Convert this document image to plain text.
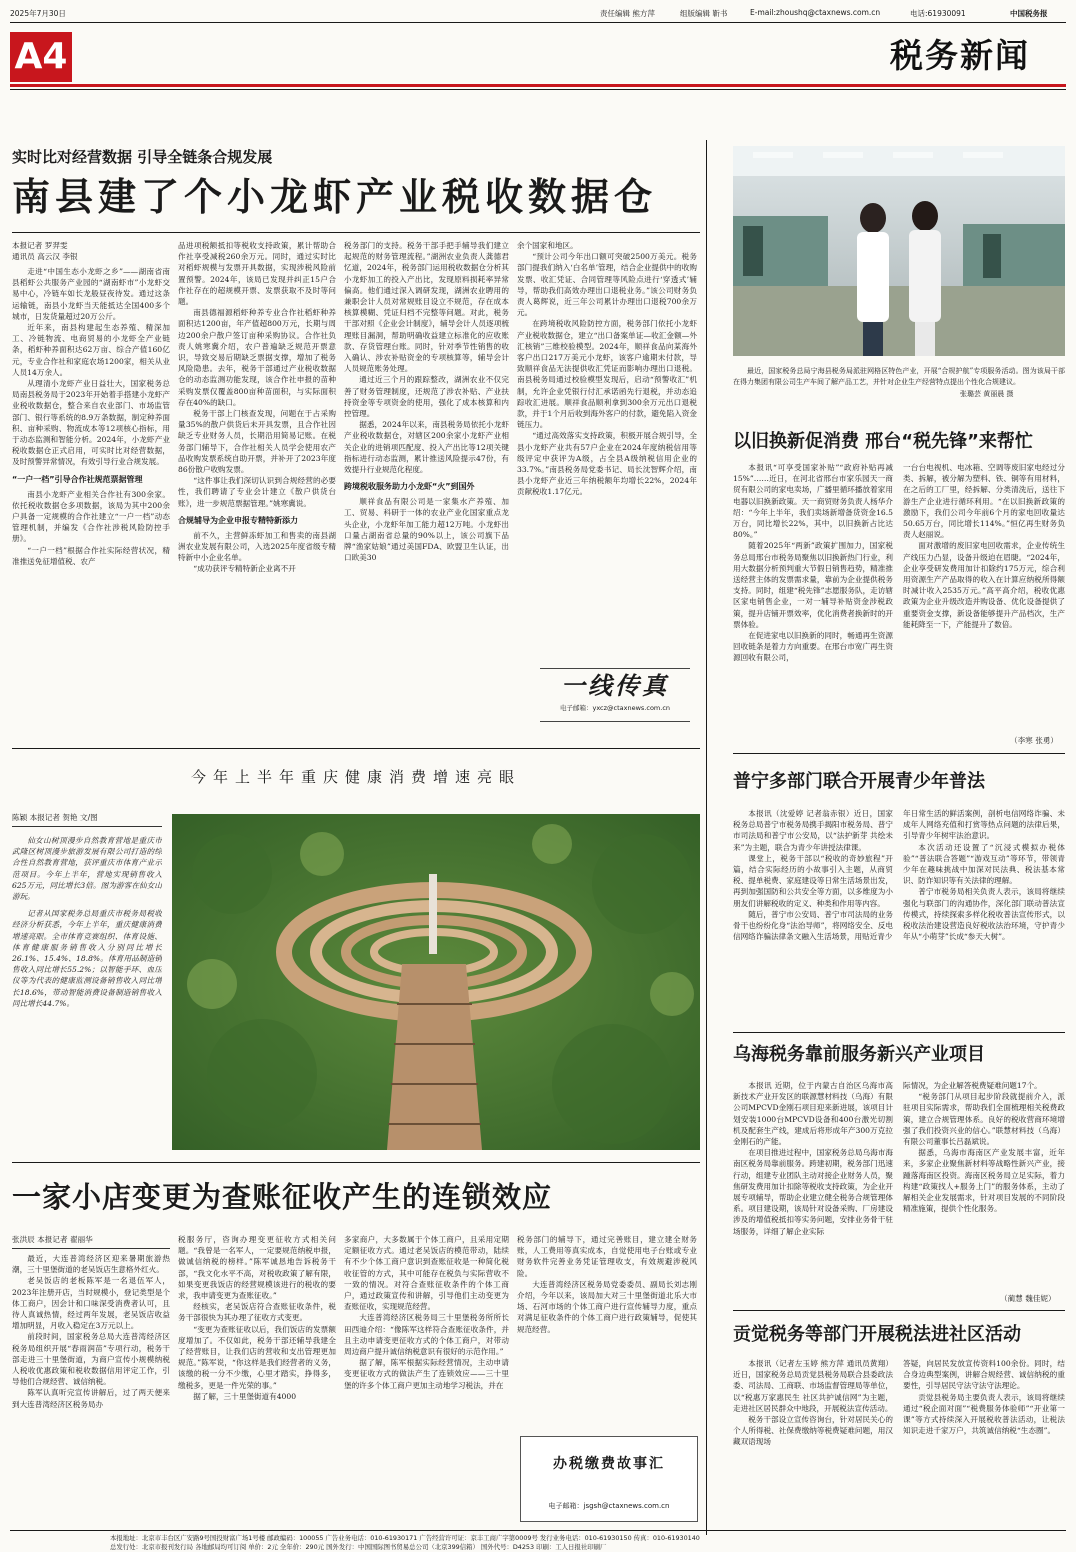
2025年7月30日	责任编辑 熊方萍	组版编辑 靳书	E-mail:zhoushq@ctaxnews.com.cn	电话:61930091	中国税务报
A4	税务新闻
实时比对经营数据 引导全链条合规发展
南县建了个小龙虾产业税收数据仓
本报记者 罗羿雯
通讯员 高云汉 李银

走进“中国生态小龙虾之乡”——湖南省南县稻虾公共服务产业园的“湖南虾市”小龙虾交易中心，冷链车如长龙般昼夜待发。通过这条运输链，南县小龙虾当天能抵达全国400多个城市，日发货量超过20万公斤。

近年来，南县构建起生态养殖、精深加工、冷链物流、电商贸易的小龙虾全产业链条，稻虾种养面积达62万亩、综合产值160亿元，专业合作社和家庭农场1200家，相关从业人员14万余人。

从理清小龙虾产业日益壮大，国家税务总局南县税务局于2023年开始着手搭建小龙虾产业税收数据仓，整合来自农业部门、市场监管部门、银行等系统的8.9万条数据，制定种养面积、亩种采购、物流成本等12项核心指标，用于动态监测和智能分析。2024年，小龙虾产业税收数据仓正式启用，可实时比对经营数据，及时预警异常情况，有效引导行业合规发展。

“一户一档”引导合作社规范票据管理

南县小龙虾产业相关合作社有300余家。依托税收数据仓多项数据，该局为其中200余户具备一定规模的合作社建立“一户一档”动态管理机制，并编发《合作社涉税风险防控手册》。

“一户一档”根据合作社实际经营状况，精准推送免征增值税、农产

品进项税额抵扣等税收支持政策，累计帮助合作社享受减税260余万元。同时，通过实时比对稻虾规模与发票开具数据，实现涉税风险前置预警。2024年，该局已发现并纠正15户合作社存在的超规模开票、发票获取不及时等问题。

南县德福源稻虾种养专业合作社稻虾种养面积达1200亩，年产值超800万元，长期与周边200余户散户签订亩种采购协议。合作社负责人姚寒冀介绍，农户普遍缺乏规范开票意识，导致交易后期缺乏票据支撑，增加了税务风险隐患。去年，税务干部通过产业税收数据仓的动态监测功能发现，该合作社申报的苗种采购发票仅覆盖800亩种苗面积，与实际面积存在40%的缺口。

税务干部上门核查发现，问题在于占采购量35%的散户供货后未开具发票，且合作社因缺乏专业财务人员，长期沿用简易记账。在税务部门辅导下，合作社相关人员学会使用农产品收购发票系统自助开票，并补开了2023年度86份散户收购发票。

“这件事让我们深切认识到合规经营的必要性，我们聘请了专业会计建立《散户供货台账》，进一步规范票据管理。”姚寒冀说。

合规辅导为企业申报专精特新添力

前不久，主营鲜冻虾加工和售卖的南县湖洲农业发展有限公司，入选2025年度省级专精特新中小企业名单。

“成功获评专精特新企业离不开

税务部门的支持。税务干部手把手辅导我们建立起规范的财务管理流程。”湖洲农业负责人龚德君忆道，2024年，税务部门运用税收数据仓分析其小龙虾加工的投入产出比，发现原料损耗率异常偏高。他们通过深入调研发现，湖洲农业聘用的兼职会计人员对常规账目设立不规范，存在成本核算模糊、凭证归档不完整等问题。对此，税务干部对照《企业会计制度》，辅导会计人员逐项梳理账目漏洞，帮助明确收益建立标准化的应收账款、存货管理台账。同时，针对季节性销售的收入确认、涉农补贴资金的专项核算等，辅导会计人员规范账务处理。

通过近三个月的跟踪整改，湖洲农业不仅完善了财务管理制度，还规范了涉农补贴、产业扶持资金等专项资金的使用，强化了成本核算和内控管理。

据悉，2024年以来，南县税务局依托小龙虾产业税收数据仓，对辖区200余家小龙虾产业相关企业的进销项匹配度、投入产出比等12项关键指标进行动态监测，累计推送风险提示47份，有效提升行业规范化程度。

跨境税收服务助力小龙虾“火”到国外

顺祥食品有限公司是一家集水产养殖、加工、贸易、科研于一体的农业产业化国家重点龙头企业，小龙虾年加工能力超12万吨。小龙虾出口量占湖南省总量的90%以上，该公司旗下品牌“渔家姑娘”通过美国FDA、欧盟卫生认证，出口欧美30

余个国家和地区。

“预计公司今年出口额可突破2500万美元。税务部门提我们纳入‘白名单’管理，结合企业提供中的收购发票、收汇凭证、合同管理等风险点进行‘穿透式’辅导，帮助我们高效办理出口退税业务。”该公司财务负责人葛辉说，近三年公司累计办理出口退税700余万元。

在跨境税收风险防控方面，税务部门依托小龙虾产业税收数据仓，建立“出口备案单证—收汇金额—外汇核销”三维校验模型。2024年，顺祥食品向某海外客户出口217万美元小龙虾，该客户逾期未付款，导致顺祥食品无法提供收汇凭证而影响办理出口退税。南县税务局通过校验模型发现后，启动“预警收汇”机制，允许企业凭银行付汇承诺函先行退税，并动态追踪收汇进展。顺祥食品顺利拿到300余万元出口退税款，并于1个月后收到海外客户的付款，避免陷入资金链压力。

“通过高效落实支持政策，积极开展合规引导，全县小龙虾产业共有57户企业在2024年度纳税信用等级评定中获评为A级，占全县A级纳税信用企业的33.7%。”南县税务局党委书记、局长沈智辉介绍，南县小龙虾产业近三年纳税额年均增长22%，2024年贡献税收1.17亿元。

一线传真
电子邮箱：yxcz@ctaxnews.com.cn

最近，国家税务总局宁海县税务局派驻网格区特色产业，开展“合规护航”专项服务活动。图为该局干部在得力集团有限公司生产车间了解产品工艺，并针对企业生产经营特点提出个性化合规建议。

张璐芸 黄丽晨 摄
以旧换新促消费 邢台“税先锋”来帮忙

本报讯“可享受国家补贴”“政府补贴再减15%”……近日，在河北省邢台市家乐园天一商贸有限公司的家电卖场，广播里循环播放着家用电器以旧换新政策。天一商贸财务负责人杨华介绍：“今年上半年，我们卖场新增备货资金16.5万台，同比增长22%，其中，以旧换新占比达80%。”

随着2025年“两新”政策扩围加力，国家税务总局邢台市税务局聚焦以旧换新热门行业，利用大数据分析预判重大节假日销售趋势，精准推送经营主体的发票需求量，靠前为企业提供税务支持。同时，组建“税先锋”志愿服务队，走访辖区家电销售企业，一对一辅导补贴资金涉税政策，提升店铺开票效率，优化消费者换新时的开票体验。

在促进家电以旧换新的同时，畅通再生资源回收链条是着力方向重要。在邢台市宽广再生资源回收有限公司，

一台台电视机、电冰箱、空调等废旧家电经过分类、拆解，被分解为塑料、铁、铜等有用材料，在之后的工厂里，经拆解、分类清洗后，送往下游生产企业进行循环利用。“在以旧换新政策的激励下，我们公司今年前6个月的家电回收量达50.65万台，同比增长114%。”恒亿再生财务负责人赵丽说。

面对激增的废旧家电回收需求，企业传统生产线压力凸显，设备升级迫在眉睫。“2024年，企业享受研发费用加计扣除约175万元，综合利用资源生产产品取得的收入在计算应纳税所得额时减计收入2535万元。”高平高介绍，税收优惠政策为企业升级改造并购设备、优化设备提供了重要资金支撑，新设备能够提升产品档次，生产能耗降至一下，产能提升了数倍。

（李寒 张勇）
普宁多部门联合开展青少年普法

本报讯（沈爱婷 记者翁赤银）近日，国家税务总局普宁市税务局携手揭阳市税务局、普宁市司法局和普宁市公安局，以“法护新芽 共绘未来”为主题，联合为青少年讲授法律课。

课堂上，税务干部以“税收的奇妙旅程”开篇，结合实际经历的小故事引入主题，从商贸税、提单税费、家庭建设等日常生活场景出发，再到加强国防和公共安全等方面，以多维度为小朋友们讲解税收的定义、种类和作用等内容。

随后，普宁市公安局、普宁市司法局的业务骨干也纷纷化身“法治导师”，将网络安全、反电信网络诈骗法律条文融入生活场景，用贴近青少

年日常生活的鲜活案例，剖析电信网络诈骗、未成年人网络充值和打赏等热点问题的法律后果，引导青少年树牢法治意识。

本次活动还设置了“沉浸式模拟办税体验”“普法联合答题”“游戏互动”等环节，带领青少年在趣味挑战中加深对民法典、税法基本常识、防诈知识等有关法律的理解。

普宁市税务局相关负责人表示，该局将继续强化与联部门的沟通协作，深化部门联动普法宣传模式，持续探索多样化税收普法宣传形式，以税收法治建设营造良好税收法治环境，守护青少年从“小萌芽”长成“参天大树”。

乌海税务靠前服务新兴产业项目

本报讯 近期，位于内蒙古自治区乌海市高新技术产业开发区的联源慧材料技（乌海）有限公司MPCVD金刚石项目迎来新进展，该项目计划安装1000台MPCVD设备和400台激光切割机及配套生产线，建成后将形成年产300万克拉金刚石的产能。

在项目推进过程中，国家税务总局乌海市海南区税务局靠前服务。跨建初期，税务部门迅速行动，组建专业团队主动对接企业财务人员，聚焦研发费用加计扣除等税收支持政策，为企业开展专项辅导，帮助企业建立健全税务合规管理体系。项目建设期，该局针对设备采购、厂房建设涉及的增值税抵扣等实务问题，安排业务骨干驻场服务，详细了解企业实际

际情况，为企业解答税费疑难问题17个。

“税务部门从项目起步阶段就提前介入，派驻项目实际需求，帮助我们全面梳理相关税费政策，建立合规管理体系。良好的税收营商环境增强了我们投资兴业的信心。”联慧材料技（乌海）有限公司董事长吕磊斌说。

据悉，乌海市海南区产业发展丰富，近年来，多家企业聚焦新材料等战略性新兴产业，接踵落海南区投资。海南区税务局立足实际，着力构建“政策找人+服务上门”的服务体系，主动了解相关企业发展需求，针对项目发展的不同阶段精准施策，提供个性化服务。

（蔺慧 魏佳妮）
贡觉税务等部门开展税法进社区活动

本报讯（记者左玉婷 熊方萍 通讯员黄翔）近日，国家税务总局贡觉县税务局联合县委政法委、司法局、工商联、市场监督管理局等单位，以“税惠万家惠民生 社区共护诚信网”为主题，走进社区居民群众中地段，开展税法宣传活动。

税务干部设立宣传咨询台，针对居民关心的个人所得税、社保费缴纳等税费疑难问题，用汉藏双语现场

答疑，向居民发放宣传资料100余份。同时，结合身边典型案例，讲解合规经营、诚信纳税的重要性，引导居民守法守法守法理论。

贡觉县税务局主要负责人表示，该局将继续通过“税企面对面”“税费服务体验师”“开业第一课”等方式持续深入开展税收普法活动，让税法知识走进千家万户，共筑诚信纳税“生态圈”。

今年上半年重庆健康消费增速亮眼
陈颖 本报记者 贺艳 文/图

仙女山树顶漫步自然教育营地是重庆市武隆区树顶漫步旅游发展有限公司打造的综合性自然教育营地，获评重庆市体育产业示范项目。今年上半年，营地实现销售收入625万元，同比增长3倍。图为游客在仙女山游玩。

记者从国家税务总局重庆市税务局税收经济分析获悉，今年上半年，重庆健康消费增速亮眼。全市体育竞赛组织、体育设施、体育健康服务销售收入分别同比增长26.1%、15.4%、18.8%。体育用品制造销售收入同比增长55.2%；以智能手环、血压仪等为代表的健康监测设备销售收入同比增长18.6%，带动智能消费设备制造销售收入同比增长44.7%。

一家小店变更为查账征收产生的连锁效应
张洪辰 本报记者 翟丽华

最近，大连普湾经济区迎来暑期旅游热潮，三十里堡街道的老吴饭店生意格外红火。

老吴饭店的老板陈军是一名退伍军人，2023年注册开店，当时规模小，登记类型是个体工商户，因会计和口味深受消费者认可，且待人真诚热情，经过两年发展，老吴饭店收益增加明显，月收入稳定在3万元以上。

前段时间，国家税务总局大连普湾经济区税务局组织开展“春雨润苗”专项行动，税务干部走进三十里堡街道，为商户宣传小规模纳税人税收优惠政策和税收数据信用评定工作，引导他们合规经营、诚信纳税。

陈军认真听完宣传讲解后，过了两天便来到大连普湾经济区税务局办

税服务厅，咨询办理变更征收方式相关问题。“我曾是一名军人，一定要规范纳税申报，做诚信纳税的榜样。”陈军诚恳地告诉税务干部，“我文化水平不高，对税收政策了解有限，如果变更我饭店的经营规模该进行的税收的要求，我申请变更为查账征收。”

经核实，老吴饭店符合查账征收条件，税务干部很快为其办理了征收方式变更。

“变更为查账征收以后，我们饭店的发票额度增加了。不仅如此，税务干部还辅导我建全了经营账目，让我们店的营收和支出管理更加规范。”陈军说，“你这样是我们经营者的义务，该缴的税一分不少缴，心里才踏实，挣得多，缴税多，更是一件光荣的事。”

据了解，三十里堡街道有4000

多家商户，大多数属于个体工商户，且采用定期定额征收方式。通过老吴饭店的模范带动，陆续有不少个体工商户意识到查账征收是一种简化税收征管的方式，其中可能存在税负与实际营收不一致的情况。对符合查账征收条件的个体工商户，通过政策宣传和讲解，引导他们主动变更为查账征收，实现规范经营。

大连普湾经济区税务局三十里堡税务所所长田西迪介绍：“像陈军这样符合查账征收条件，并且主动申请变更征收方式的个体工商户，对带动周边商户提升诚信纳税意识有很好的示范作用。”

据了解，陈军根据实际经营情况，主动申请变更征收方式的做法产生了连锁效应——三十里堡的许多个体工商户更加主动地学习税法，并在

税务部门的辅导下，通过完善账目，建立建全财务账，人工费用等真实成本，自觉使用电子台账或专业财务软件完善业务凭证管理收支，有效规避涉税风险。

大连普湾经济区税务局党委委员、副局长刘志刚介绍，今年以来，该局加大对三十里堡街道北乐大市场、石河市场的个体工商户进行宣传辅导力度，重点对满足征收条件的个体工商户进行政策辅导，促使其规范经营。

办税缴费故事汇
电子邮箱：jsgsh@ctaxnews.com.cn
本报地址：北京市丰台区广安路9号国投财富广场1号楼 邮政编码：100055 广告业务电话：010-61930171 广告经营许可证：京丰工商广字第0009号 发行业务电话：010-61930150 传真：010-61930140
总发行处：北京市报刊发行局 各地邮局均可订阅 单价：2元 全年价：290元 国外发行：中国国际图书贸易总公司（北京399信箱） 国外代号：D4253 印刷：工人日报社印刷厂
